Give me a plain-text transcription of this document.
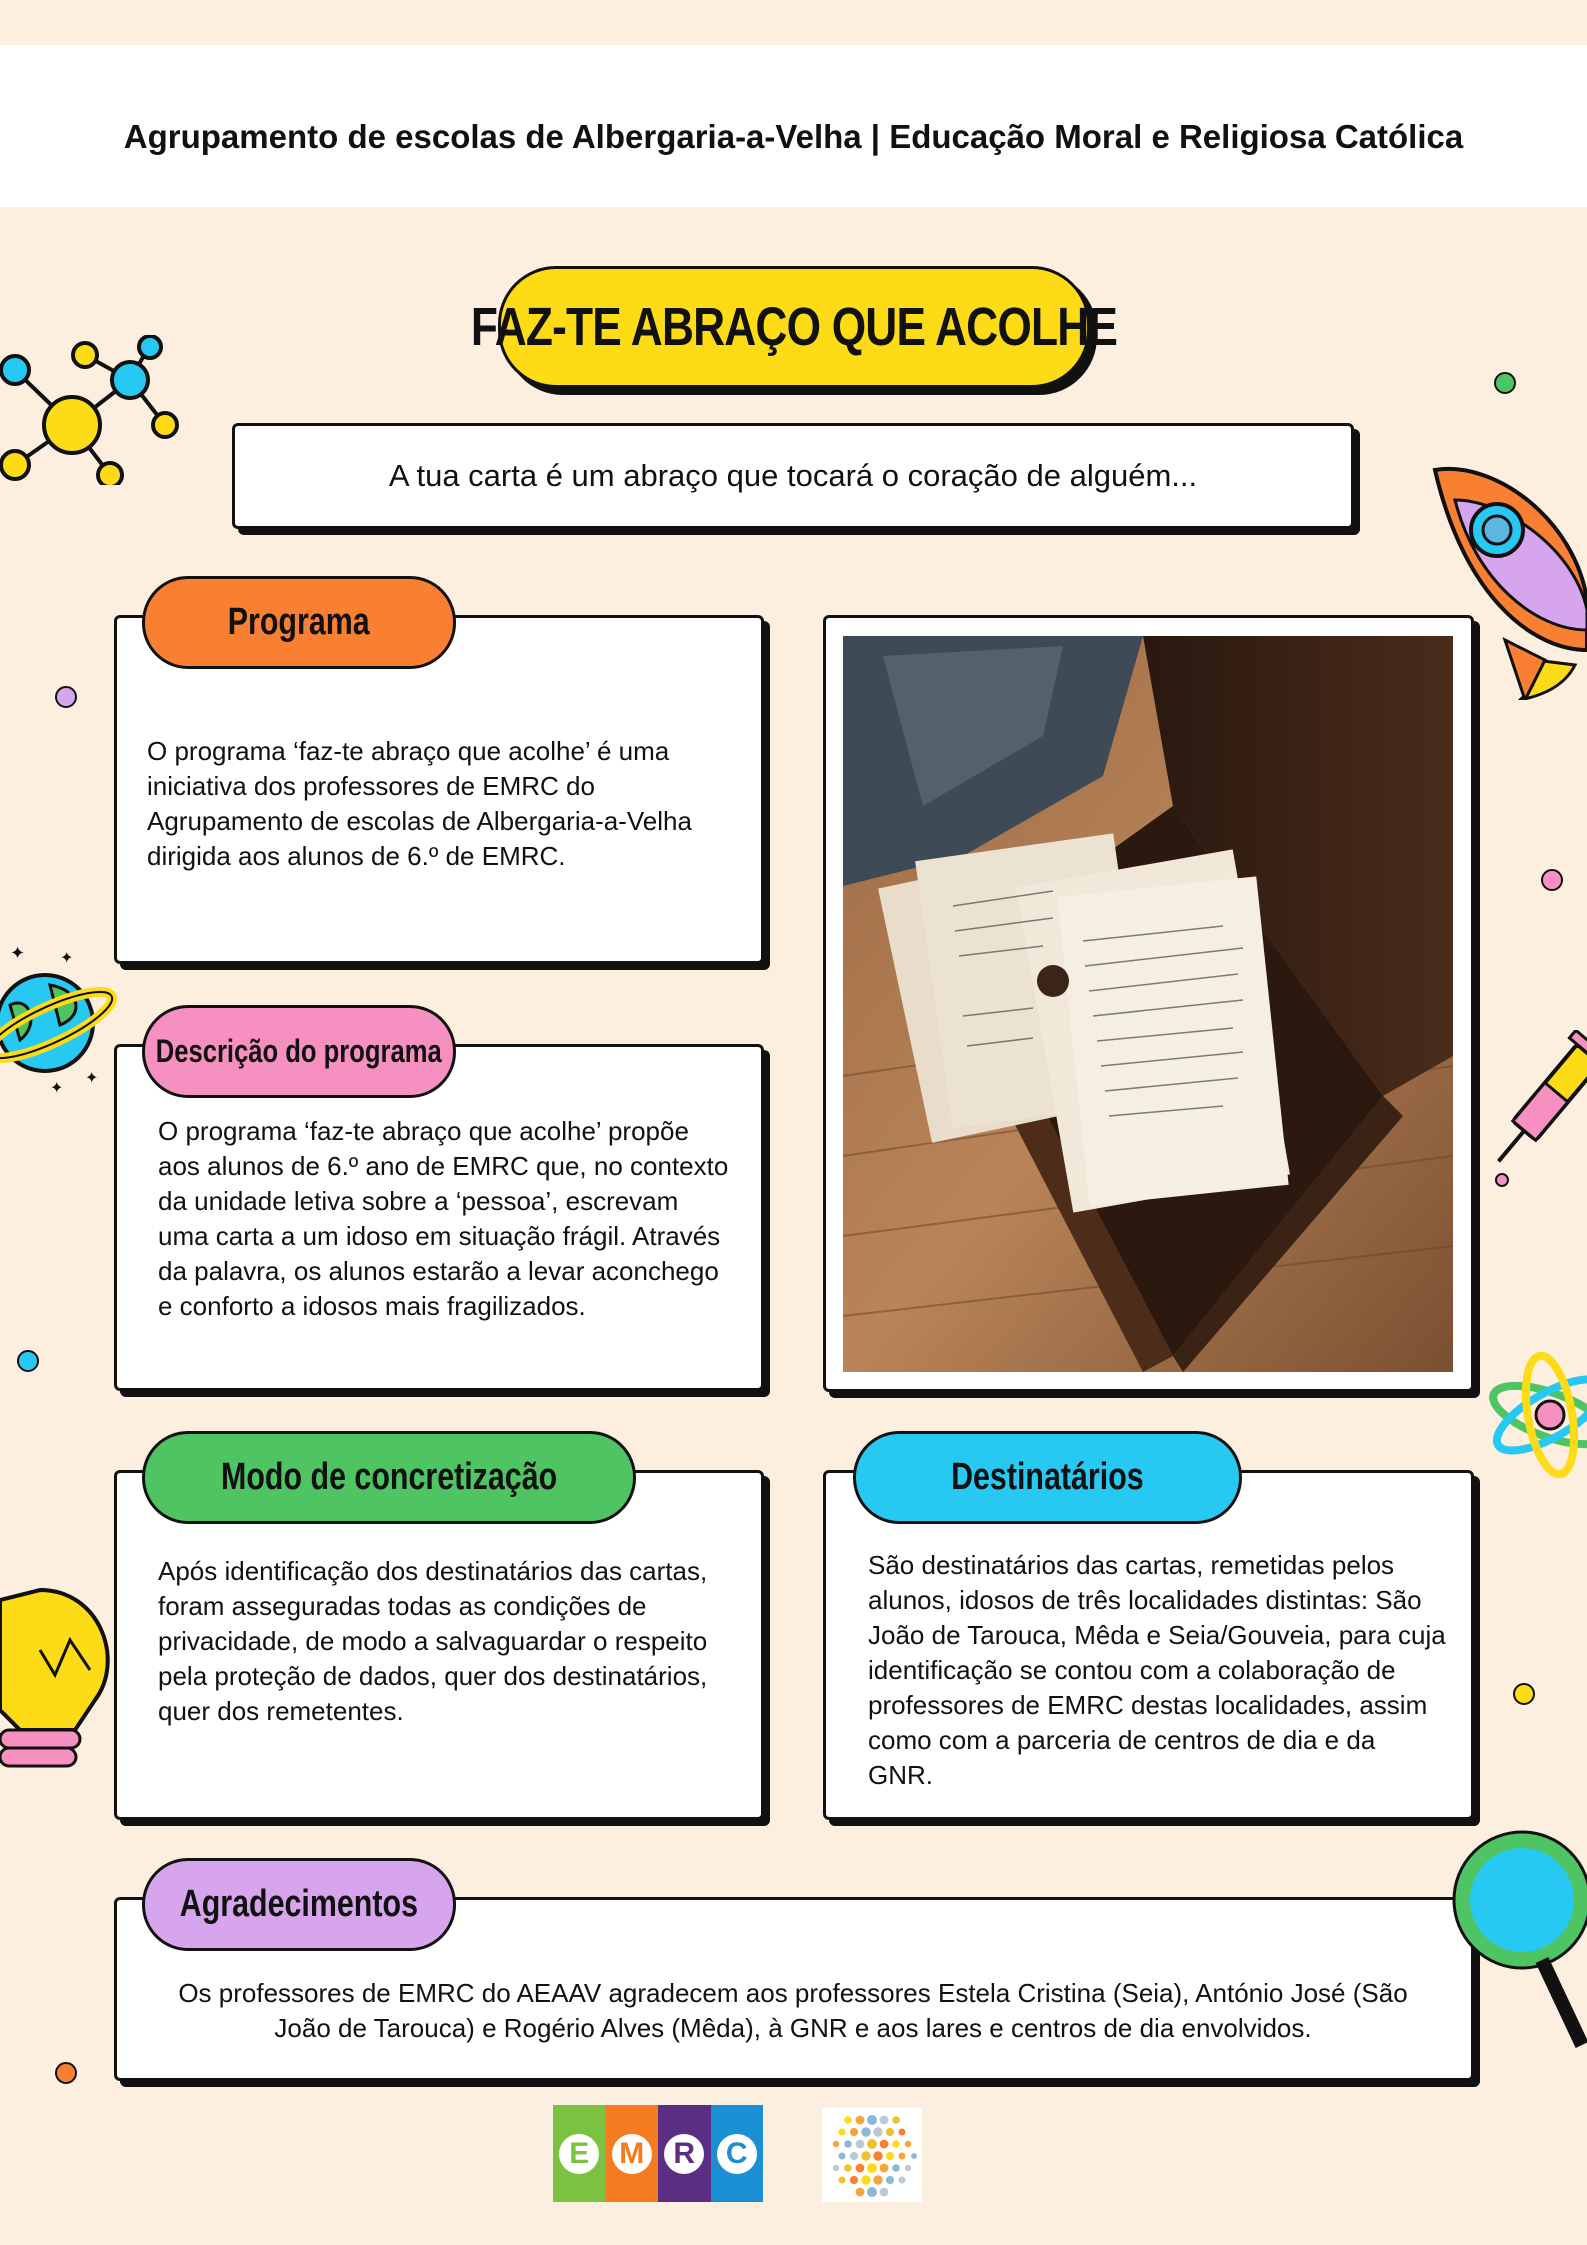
Agrupamento de escolas de Albergaria-a-Velha | Educação Moral e Religiosa Católica
FAZ-TE ABRAÇO QUE ACOLHE
A tua carta é um abraço que tocará o coração de alguém...
Programa
O programa ‘faz-te abraço que acolhe’ é uma iniciativa dos professores de EMRC do Agrupamento de escolas de Albergaria-a-Velha dirigida aos alunos de 6.º de EMRC.
Descrição do programa
O programa ‘faz-te abraço que acolhe’ propõe aos alunos de 6.º ano de EMRC que, no contexto da unidade letiva sobre a ‘pessoa’, escrevam uma carta a um idoso em situação frágil. Através da palavra, os alunos estarão a levar aconchego e conforto a idosos mais fragilizados.
Modo de concretização
Após identificação dos destinatários das cartas, foram asseguradas todas as condições de privacidade, de modo a salvaguardar o respeito pela proteção de dados, quer dos destinatários, quer dos remetentes.
Destinatários
São destinatários das cartas, remetidas pelos alunos, idosos de três localidades distintas: São João de Tarouca, Mêda e Seia/Gouveia, para cuja identificação se contou com a colaboração de professores de EMRC destas localidades, assim como com a parceria de centros de dia e da GNR.
Agradecimentos
Os professores de EMRC do AEAAV agradecem aos professores Estela Cristina (Seia), António José (São João de Tarouca) e Rogério Alves (Mêda), à GNR e aos lares e centros de dia envolvidos.
E	M R	C
✦ ✦
✦
✦
